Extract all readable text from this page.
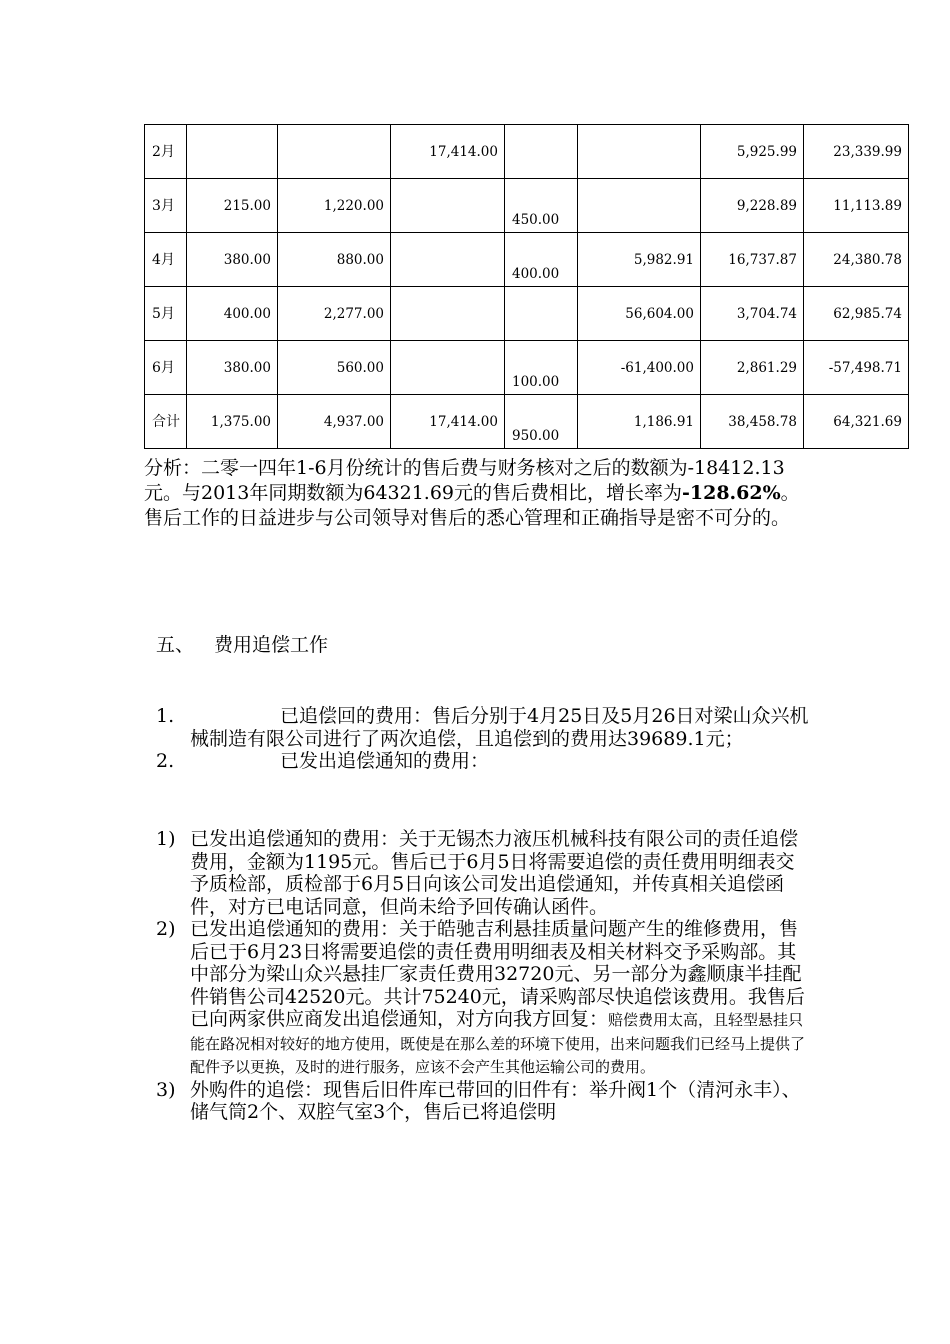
2月			17,414.00			5,925.99	23,339.99
3月	215.00	1,220.00		450.00		9,228.89	11,113.89
4月	380.00	880.00		400.00	5,982.91	16,737.87	24,380.78
5月	400.00	2,277.00			56,604.00	3,704.74	62,985.74
6月	380.00	560.00		100.00	-61,400.00	2,861.29	-57,498.71
合计	1,375.00	4,937.00	17,414.00	950.00	1,186.91	38,458.78	64,321.69

分析：二零一四年1-6月份统计的售后费与财务核对之后的数额为-18412.13元。与2013年同期数额为64321.69元的售后费相比，增长率为-128.62%。售后工作的日益进步与公司领导对售后的悉心管理和正确指导是密不可分的。

五、 费用追偿工作

1.	已追偿回的费用：售后分别于4月25日及5月26日对梁山众兴机械制造有限公司进行了两次追偿，且追偿到的费用达39689.1元；
2.	已发出追偿通知的费用：
1) 已发出追偿通知的费用：关于无锡杰力液压机械科技有限公司的责任追偿费用，金额为1195元。售后已于6月5日将需要追偿的责任费用明细表交予质检部，质检部于6月5日向该公司发出追偿通知，并传真相关追偿函件，对方已电话同意，但尚未给予回传确认函件。
2) 已发出追偿通知的费用：关于皓驰吉利悬挂质量问题产生的维修费用，售后已于6月23日将需要追偿的责任费用明细表及相关材料交予采购部。其中部分为梁山众兴悬挂厂家责任费用32720元、另一部分为鑫顺康半挂配件销售公司42520元。共计75240元，请采购部尽快追偿该费用。我售后已向两家供应商发出追偿通知，对方向我方回复：赔偿费用太高，且轻型悬挂只能在路况相对较好的地方使用，既使是在那么差的环境下使用，出来问题我们已经马上提供了配件予以更换，及时的进行服务，应该不会产生其他运输公司的费用。
3) 外购件的追偿：现售后旧件库已带回的旧件有：举升阀1个（清河永丰）、储气筒2个、双腔气室3个，售后已将追偿明
